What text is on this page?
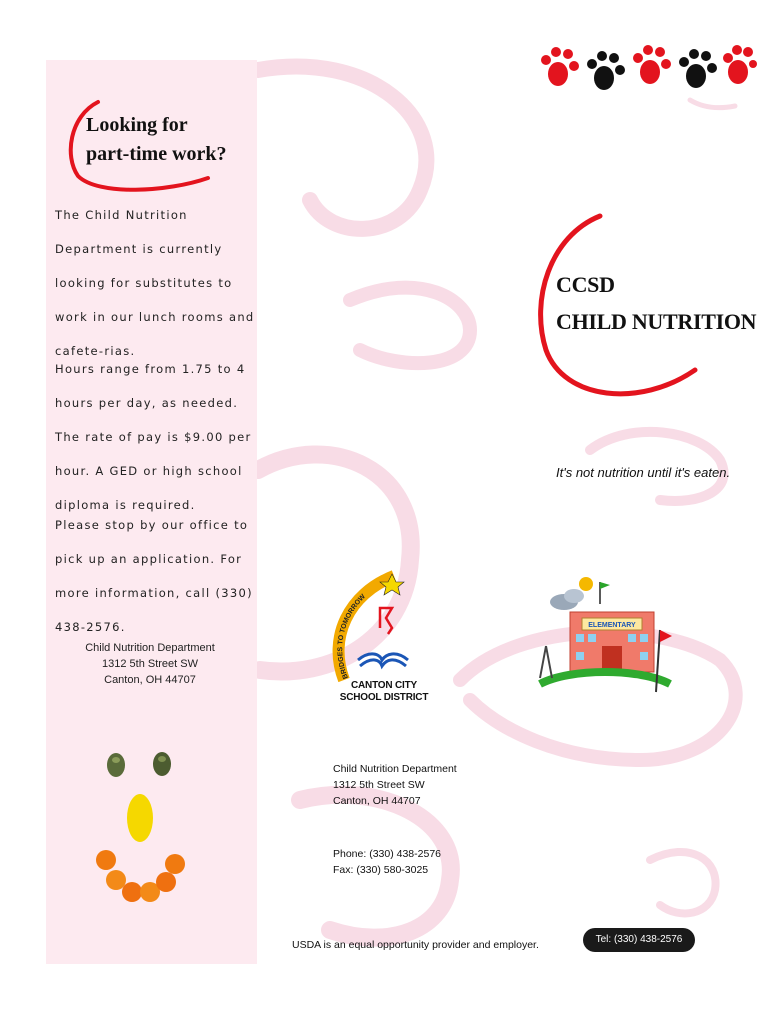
Looking for
part-time work?
The Child Nutrition Department is currently looking for substitutes to work in our lunch rooms and cafete-rias.
Hours range from 1.75 to 4 hours per day, as needed. The rate of pay is $9.00 per hour. A GED or high school diploma is required.
Please stop by our office to pick up an application. For more information, call (330) 438-2576.
Child Nutrition Department
1312 5th Street SW
Canton, OH 44707
CCSD
CHILD NUTRITION
It's not nutrition until it's eaten.
BRIDGES TO TOMORROW
CANTON CITY
SCHOOL DISTRICT
ELEMENTARY
Child Nutrition Department
1312 5th Street SW
Canton, OH 44707
Phone: (330) 438-2576
Fax: (330) 580-3025
USDA is an equal opportunity provider and employer.	Tel: (330) 438-2576
